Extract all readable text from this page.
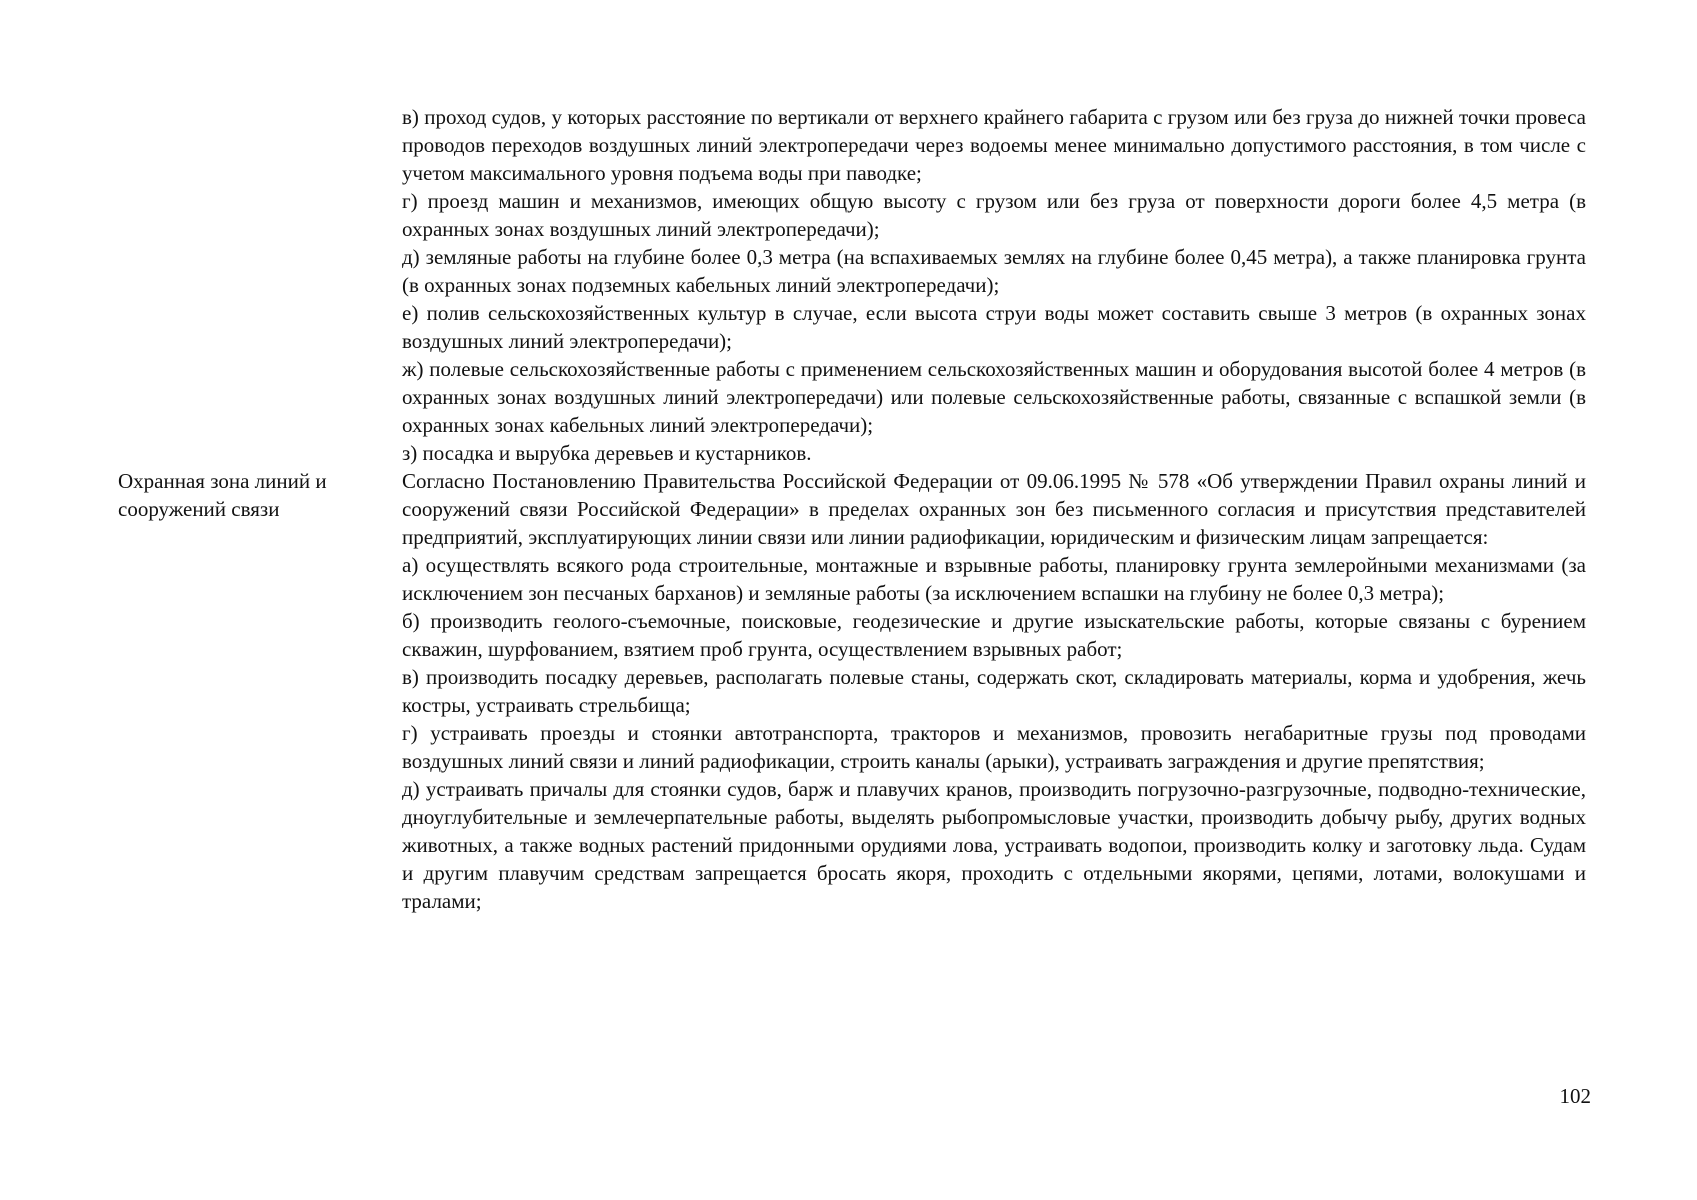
в) проход судов, у которых расстояние по вертикали от верхнего крайнего габарита с грузом или без груза до нижней точки провеса проводов переходов воздушных линий электропередачи через водоемы менее минимально допустимого расстояния, в том числе с учетом максимального уровня подъема воды при паводке;

г) проезд машин и механизмов, имеющих общую высоту с грузом или без груза от поверхности дороги более 4,5 метра (в охранных зонах воздушных линий электропередачи);

д) земляные работы на глубине более 0,3 метра (на вспахиваемых землях на глубине более 0,45 метра), а также планировка грунта (в охранных зонах подземных кабельных линий электропередачи);

е) полив сельскохозяйственных культур в случае, если высота струи воды может составить свыше 3 метров (в охранных зонах воздушных линий электропередачи);

ж) полевые сельскохозяйственные работы с применением сельскохозяйственных машин и оборудования высотой более 4 метров (в охранных зонах воздушных линий электропередачи) или полевые сельскохозяйственные работы, связанные с вспашкой земли (в охранных зонах кабельных линий электропередачи);

з) посадка и вырубка деревьев и кустарников.

Охранная зона линий и сооружений связи

Согласно Постановлению Правительства Российской Федерации от 09.06.1995 № 578 «Об утверждении Правил охраны линий и сооружений связи Российской Федерации» в пределах охранных зон без письменного согласия и присутствия представителей предприятий, эксплуатирующих линии связи или линии радиофикации, юридическим и физическим лицам запрещается:

а) осуществлять всякого рода строительные, монтажные и взрывные работы, планировку грунта землеройными механизмами (за исключением зон песчаных барханов) и земляные работы (за исключением вспашки на глубину не более 0,3 метра);

б) производить геолого-съемочные, поисковые, геодезические и другие изыскательские работы, которые связаны с бурением скважин, шурфованием, взятием проб грунта, осуществлением взрывных работ;

в) производить посадку деревьев, располагать полевые станы, содержать скот, складировать материалы, корма и удобрения, жечь костры, устраивать стрельбища;

г) устраивать проезды и стоянки автотранспорта, тракторов и механизмов, провозить негабаритные грузы под проводами воздушных линий связи и линий радиофикации, строить каналы (арыки), устраивать заграждения и другие препятствия;

д) устраивать причалы для стоянки судов, барж и плавучих кранов, производить погрузочно-разгрузочные, подводно-технические, дноуглубительные и землечерпательные работы, выделять рыбопромысловые участки, производить добычу рыбу, других водных животных, а также водных растений придонными орудиями лова, устраивать водопои, производить колку и заготовку льда. Судам и другим плавучим средствам запрещается бросать якоря, проходить с отдельными якорями, цепями, лотами, волокушами и тралами;

102
